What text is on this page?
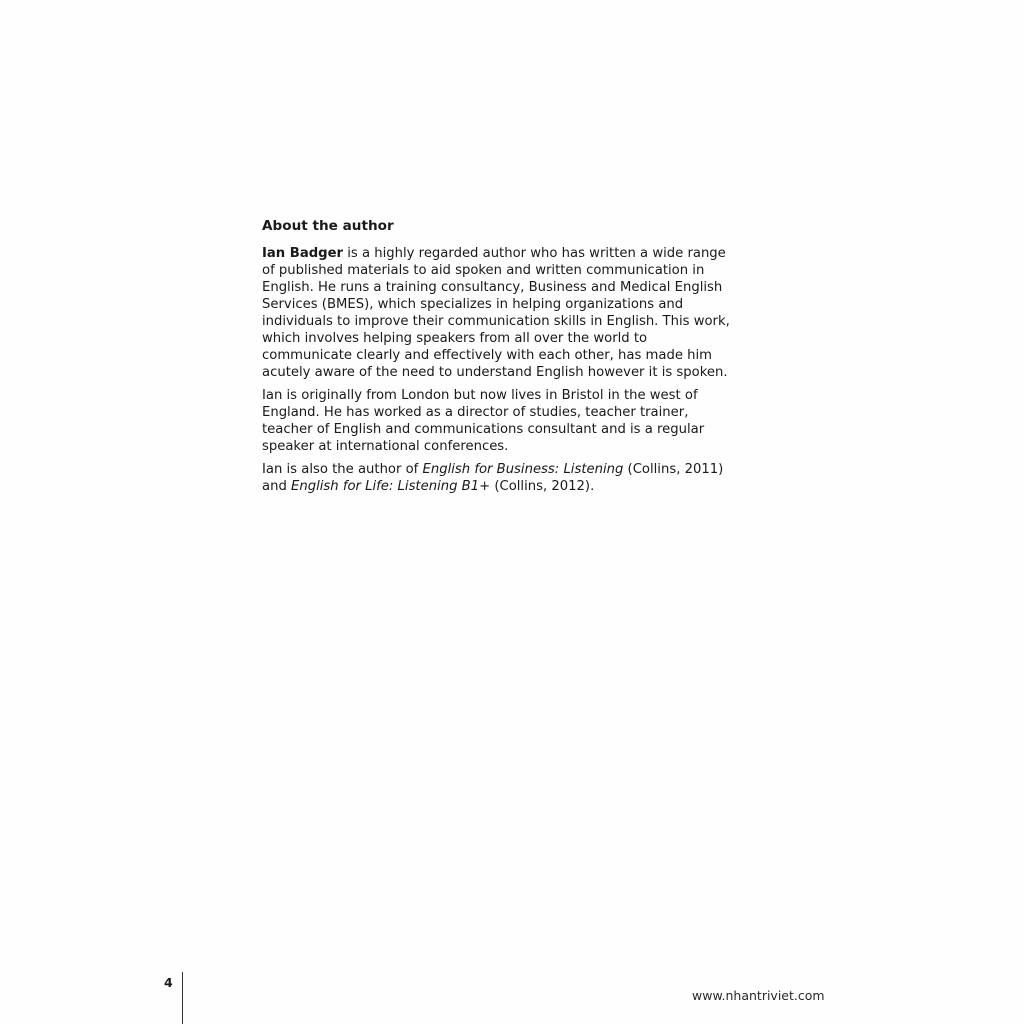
About the author

Ian Badger is a highly regarded author who has written a wide range of published materials to aid spoken and written communication in English. He runs a training consultancy, Business and Medical English Services (BMES), which specializes in helping organizations and individuals to improve their communication skills in English. This work, which involves helping speakers from all over the world to communicate clearly and effectively with each other, has made him acutely aware of the need to understand English however it is spoken.

Ian is originally from London but now lives in Bristol in the west of England. He has worked as a director of studies, teacher trainer, teacher of English and communications consultant and is a regular speaker at international conferences.

Ian is also the author of English for Business: Listening (Collins, 2011) and English for Life: Listening B1+ (Collins, 2012).

4
www.nhantriviet.com
